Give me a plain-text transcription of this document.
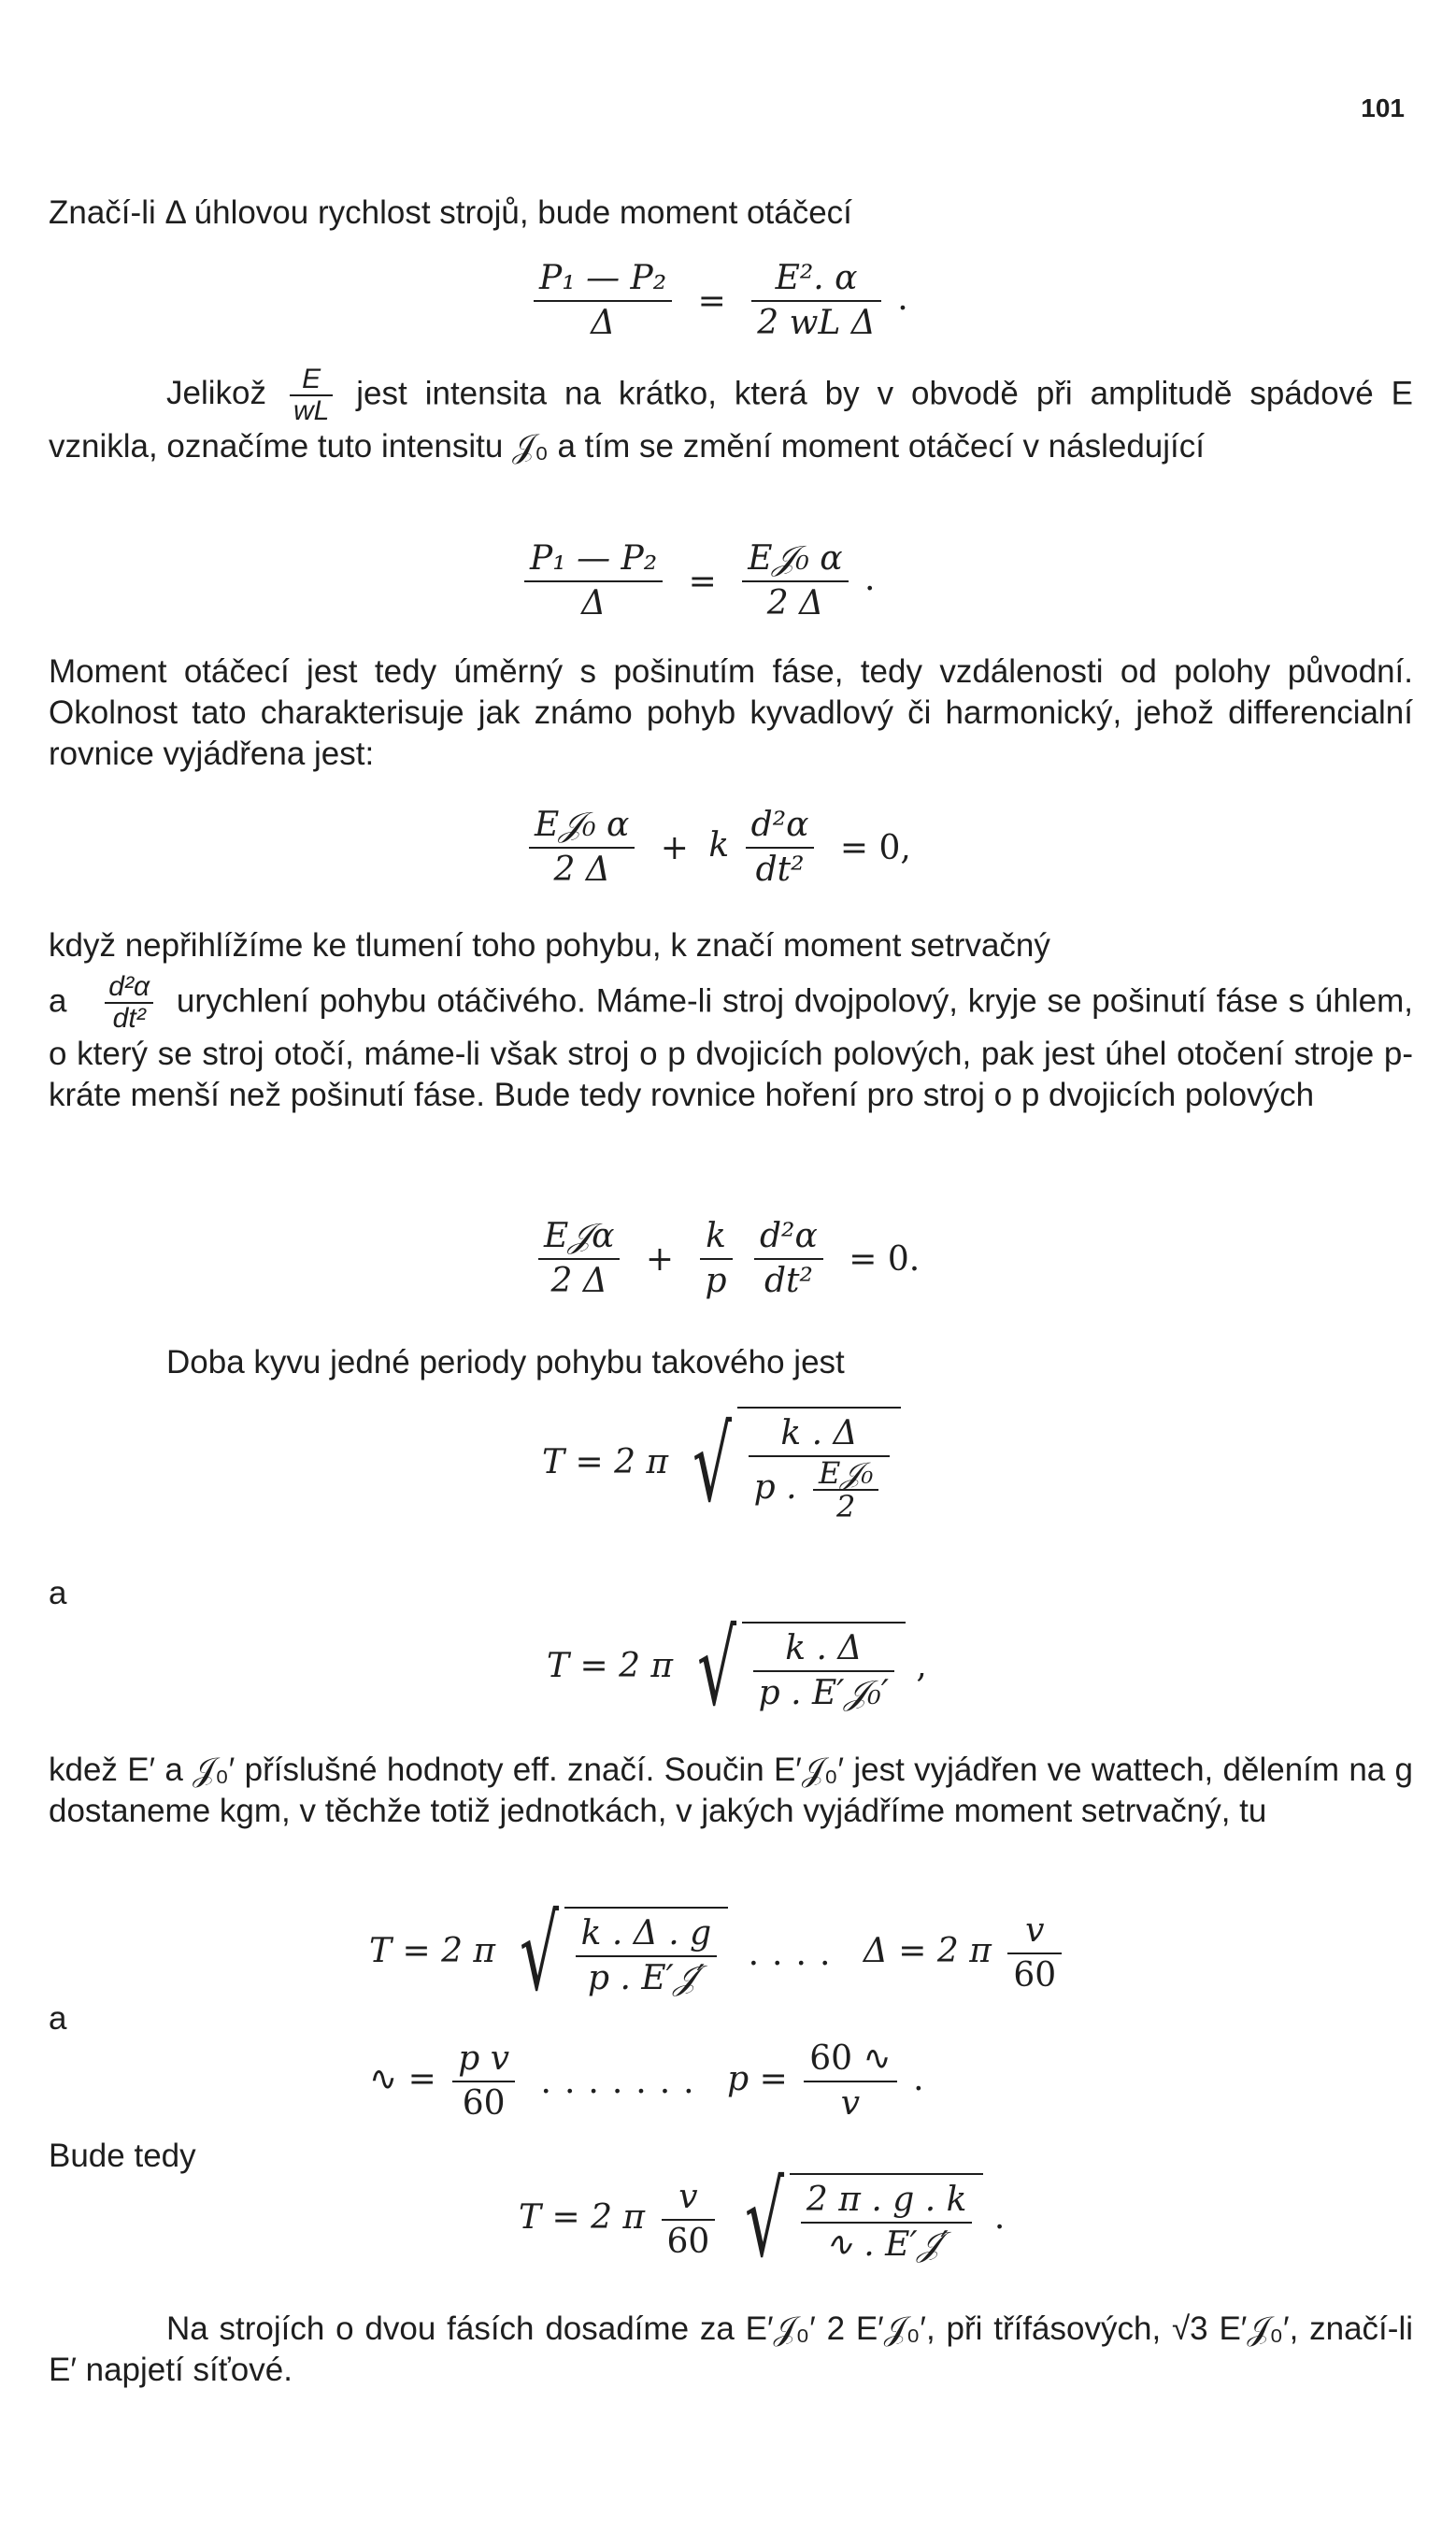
101

Značí-li Δ úhlovou rychlost strojů, bude moment otáčecí

$\frac{\text{P₁ — P₂}}{\Delta} = \frac{\text{E². α}}{\text{2 wL Δ}}$ .
Jelikož $\frac{E}{wL}$ jest intensita na krátko, která by v obvodě při amplitudě spádové E vznikla, označíme tuto intensitu 𝒥₀ a tím se změní moment otáčecí v následující
$\frac{\text{P₁ — P₂}}{\Delta} = \frac{\text{E𝒥₀ α}}{2 \Delta}$ .

Moment otáčecí jest tedy úměrný s pošinutím fáse, tedy vzdálenosti od polohy původní. Okolnost tato charakterisuje jak známo pohyb kyvadlový či harmonický, jehož differencialní rovnice vyjádřena jest:

$\frac{\text{E𝒥₀ α}}{2 \Delta} + k \frac{\text{d²α}}{\text{dt²}} = 0$,

když nepřihlížíme ke tlumení toho pohybu, k značí moment setrvačný

a $\frac{\text{d²α}}{\text{dt²}}$ urychlení pohybu otáčivého. Máme-li stroj dvojpolový, kryje se pošinutí fáse s úhlem, o který se stroj otočí, máme-li však stroj o p dvojicích polových, pak jest úhel otočení stroje p-kráte menší než pošinutí fáse. Bude tedy rovnice hoření pro stroj o p dvojicích polových
$\frac{\text{E𝒥α}}{2 \Delta} + \frac{k}{p}$
$\frac{\text{d²α}}{\text{dt²}} = 0$.

Doba kyvu jedné periody pohybu takového jest

T = 2 π √ $\frac{k . \Delta}{p . \frac{\text{E𝒥₀}}{2}}$
a
T = 2 π √ $\frac{k . \Delta}{\text{p . E′𝒥₀′}}$ ,

kdež E′ a 𝒥₀′ příslušné hodnoty eff. značí. Součin E′𝒥₀′ jest vyjádřen ve wattech, dělením na g dostaneme kgm, v těchže totiž jednotkách, v jakých vyjádříme moment setrvačný, tu

T = 2 π √ $\frac{k . \Delta . g}{\text{p . E′𝒥′}}$ .... Δ = 2 π $\frac{v}{60}$
a
∿ = $\frac{\text{p v}}{60}$ ....... $p = \frac{60 ∿}{v}$ .
Bude tedy
T = 2 π $\frac{v}{60}$ √ $\frac{2 \pi . g . k}{\text{∿ . E′𝒥′}}$ .

Na strojích o dvou fásích dosadíme za E′𝒥₀′ 2 E′𝒥₀′, při třífásových, √3 E′𝒥₀′, značí-li E′ napjetí síťové.
